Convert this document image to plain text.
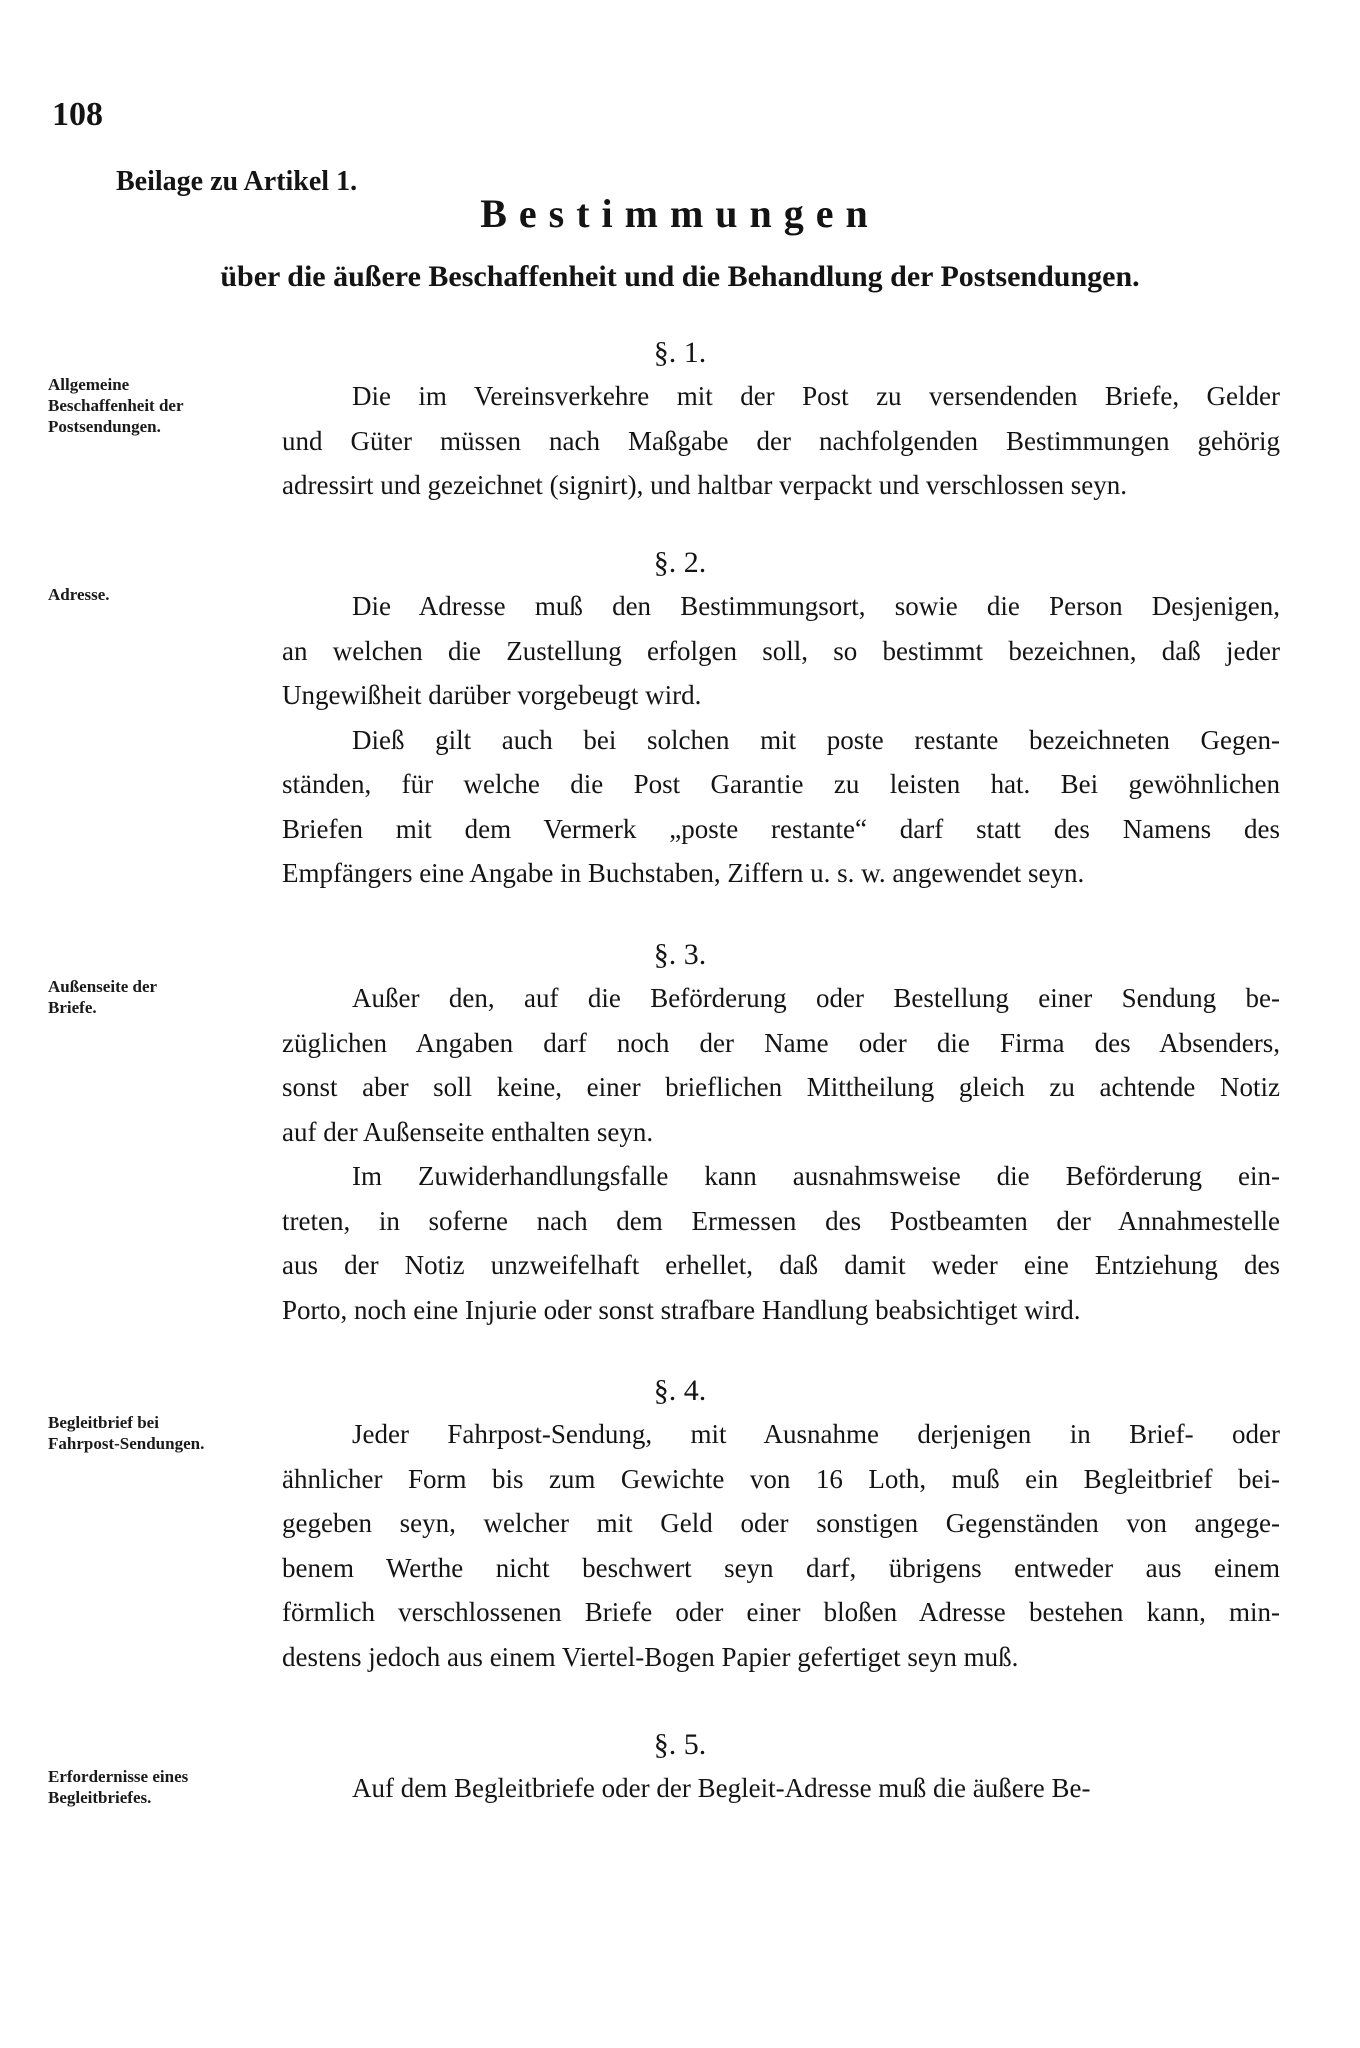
108
Beilage zu Artikel 1.
Bestimmungen
über die äußere Beschaffenheit und die Behandlung der Postsendungen.
§. 1.
Allgemeine Beschaffenheit der Postsendungen.
Die im Vereinsverkehre mit der Post zu versendenden Briefe, Gelder
und Güter müssen nach Maßgabe der nachfolgenden Bestimmungen gehörig
adressirt und gezeichnet (signirt), und haltbar verpackt und verschlossen seyn.
§. 2.
Adresse.	Die Adresse muß den Bestimmungsort, sowie die Person Desjenigen,
an welchen die Zustellung erfolgen soll, so bestimmt bezeichnen, daß jeder
Ungewißheit darüber vorgebeugt wird.
Dieß gilt auch bei solchen mit poste restante bezeichneten Gegen-
ständen, für welche die Post Garantie zu leisten hat. Bei gewöhnlichen
Briefen mit dem Vermerk „poste restante“ darf statt des Namens des
Empfängers eine Angabe in Buchstaben, Ziffern u. s. w. angewendet seyn.
§. 3.
Außenseite der Briefe.	Außer den, auf die Beförderung oder Bestellung einer Sendung be-
züglichen Angaben darf noch der Name oder die Firma des Absenders,
sonst aber soll keine, einer brieflichen Mittheilung gleich zu achtende Notiz
auf der Außenseite enthalten seyn.
Im Zuwiderhandlungsfalle kann ausnahmsweise die Beförderung ein-
treten, in soferne nach dem Ermessen des Postbeamten der Annahmestelle
aus der Notiz unzweifelhaft erhellet, daß damit weder eine Entziehung des
Porto, noch eine Injurie oder sonst strafbare Handlung beabsichtiget wird.
§. 4.
Begleitbrief bei Fahrpost-Sendungen.	Jeder Fahrpost-Sendung, mit Ausnahme derjenigen in Brief- oder
ähnlicher Form bis zum Gewichte von 16 Loth, muß ein Begleitbrief bei-
gegeben seyn, welcher mit Geld oder sonstigen Gegenständen von angege-
benem Werthe nicht beschwert seyn darf, übrigens entweder aus einem
förmlich verschlossenen Briefe oder einer bloßen Adresse bestehen kann, min-
destens jedoch aus einem Viertel-Bogen Papier gefertiget seyn muß.
§. 5.
Erfordernisse eines Begleitbriefes.	Auf dem Begleitbriefe oder der Begleit-Adresse muß die äußere Be-
